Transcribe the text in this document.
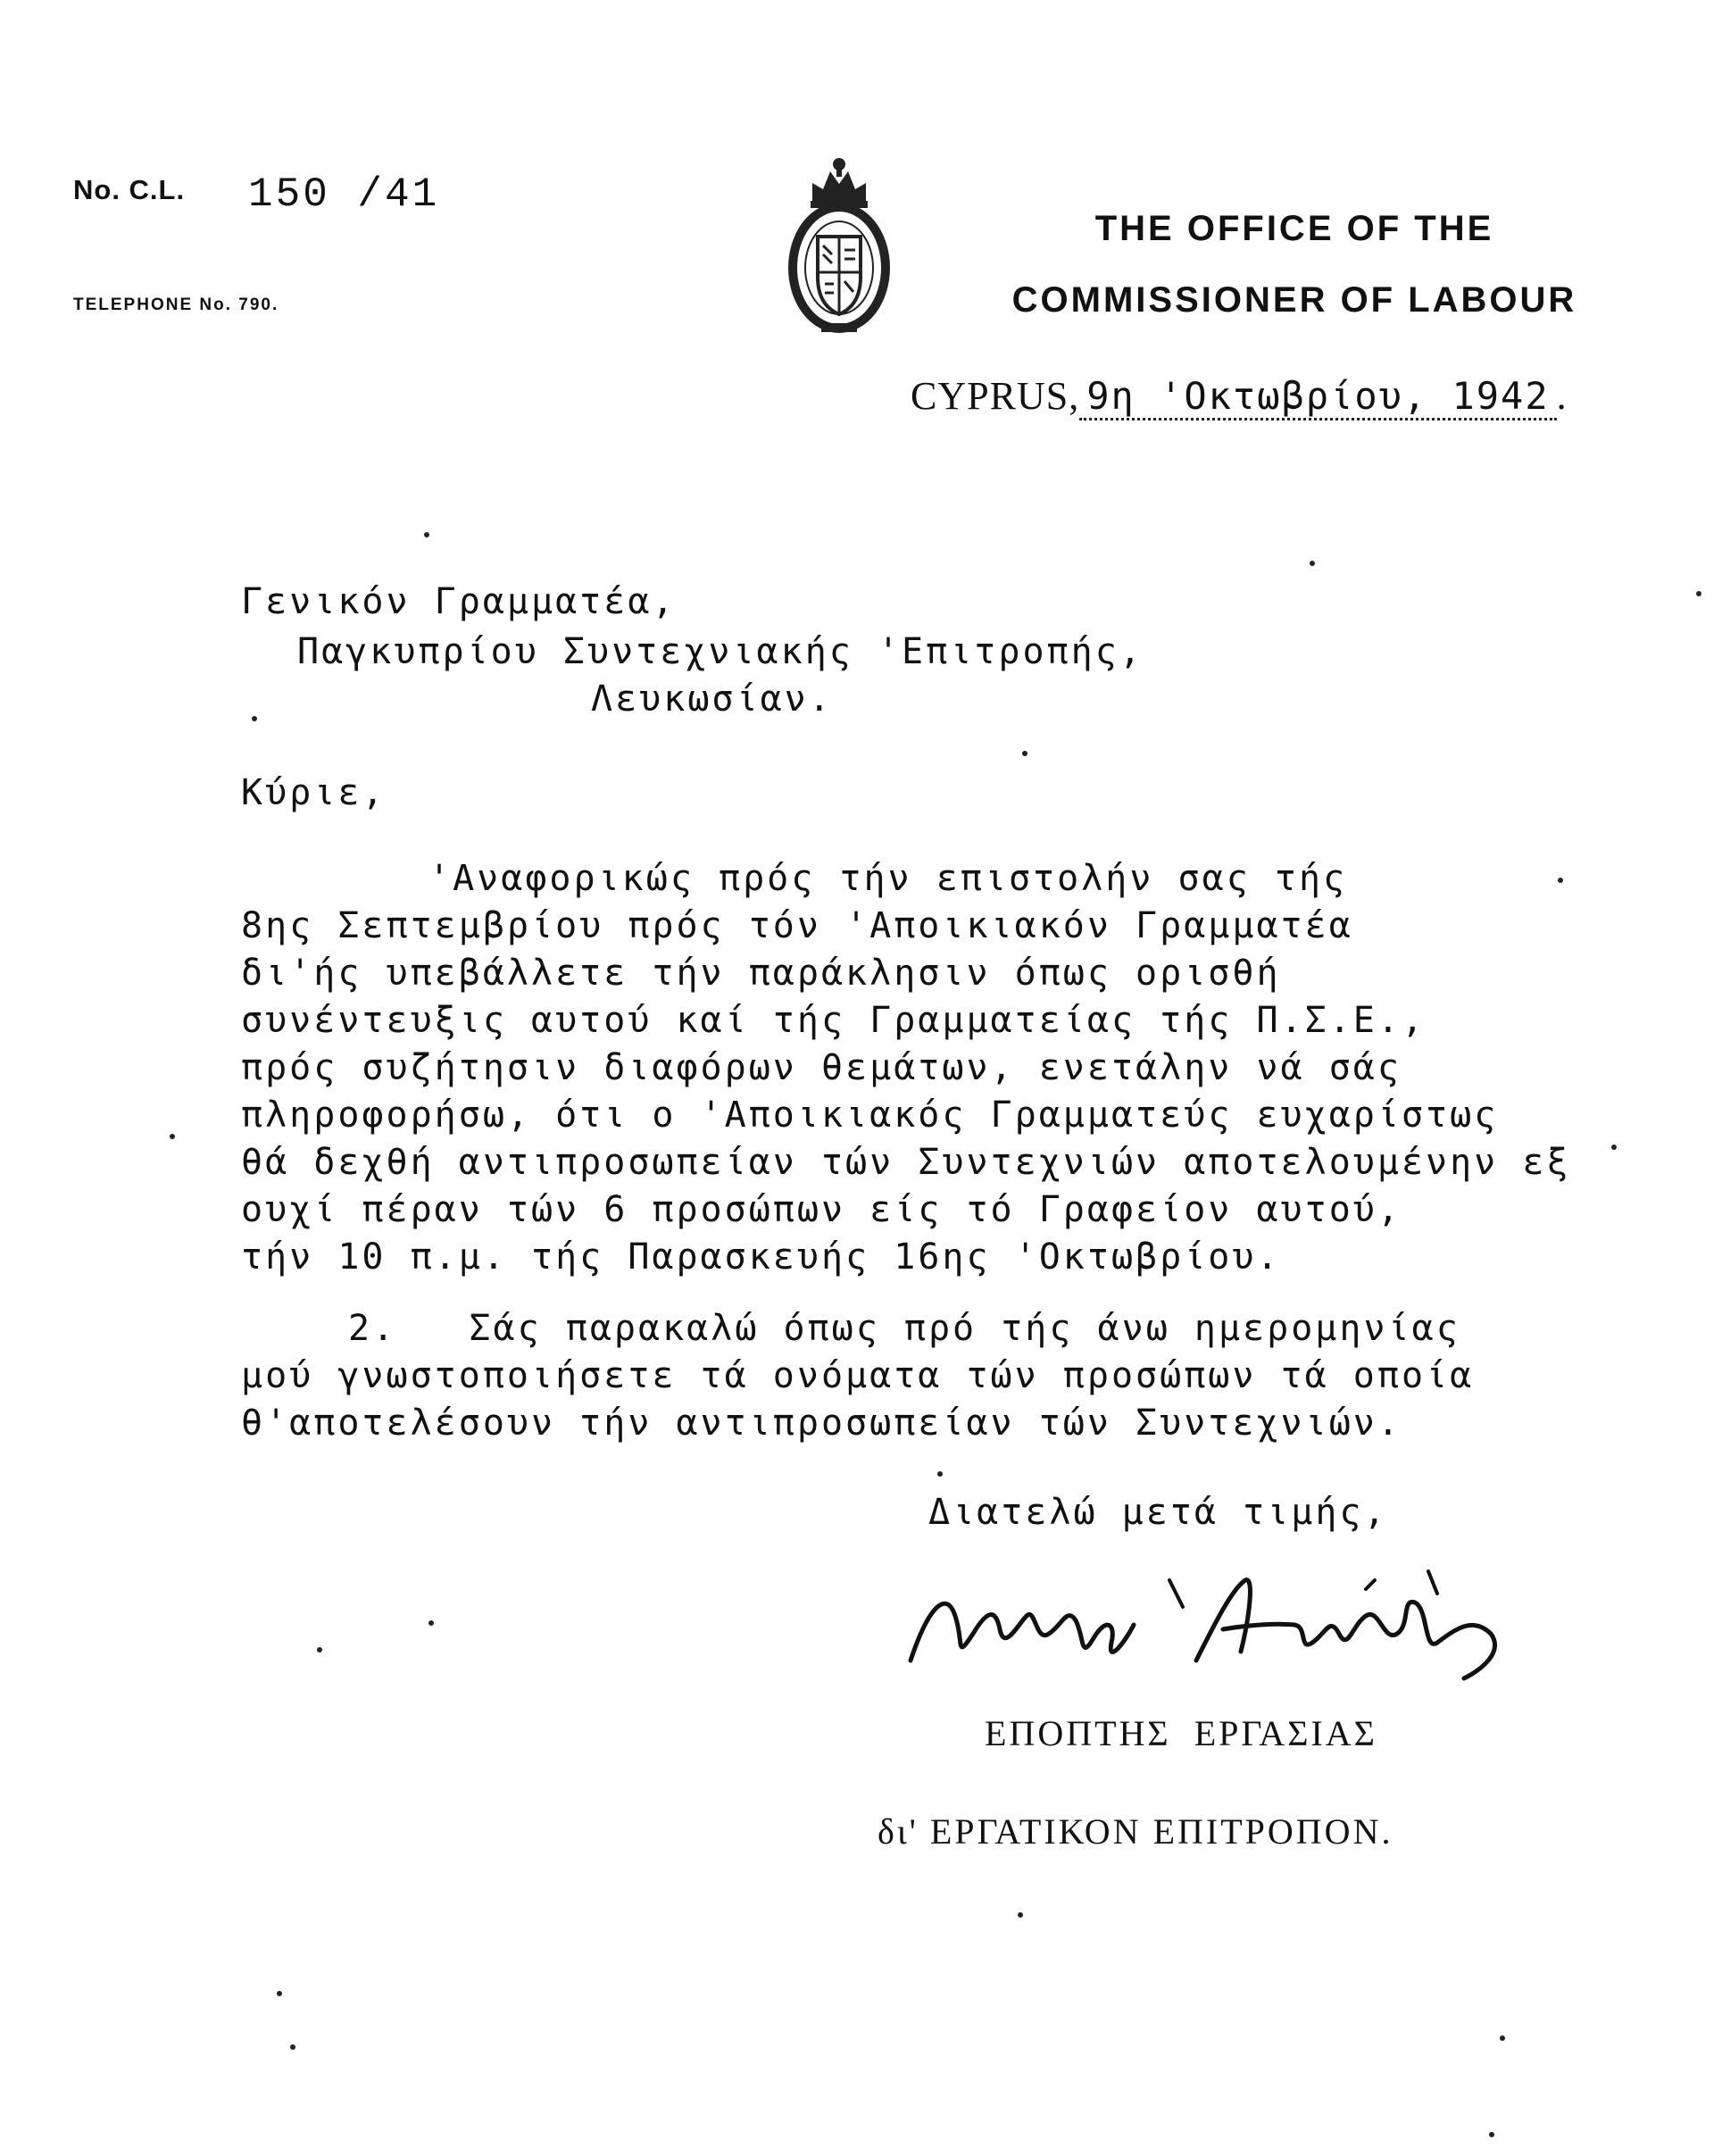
No. C.L. 150 /41
TELEPHONE No. 790.
THE OFFICE OF THE
COMMISSIONER OF LABOUR
CYPRUS, 9η 'Οκτωβρίου, 1942 .
Γενικόν Γραμματέα,
Παγκυπρίου Συντεχνιακής 'Επιτροπής,
Λευκωσίαν.
Κύριε,
'Αναφορικώς πρός τήν επιστολήν σας τής
8ης Σεπτεμβρίου πρός τόν 'Αποικιακόν Γραμματέα
δι'ής υπεβάλλετε τήν παράκλησιν όπως ορισθή
συνέντευξις αυτού καί τής Γραμματείας τής Π.Σ.Ε.,
πρός συζήτησιν διαφόρων θεμάτων, ενετάλην νά σάς
πληροφορήσω, ότι ο 'Αποικιακός Γραμματεύς ευχαρίστως
θά δεχθή αντιπροσωπείαν τών Συντεχνιών αποτελουμένην εξ
ουχί πέραν τών 6 προσώπων είς τό Γραφείον αυτού,
τήν 10 π.μ. τής Παρασκευής 16ης 'Οκτωβρίου.
2.   Σάς παρακαλώ όπως πρό τής άνω ημερομηνίας
μού γνωστοποιήσετε τά ονόματα τών προσώπων τά οποία
θ'αποτελέσουν τήν αντιπροσωπείαν τών Συντεχνιών.
Διατελώ μετά τιμής,
ΕΠΟΠΤΗΣ  ΕΡΓΑΣΙΑΣ
δι' ΕΡΓΑΤΙΚΟΝ ΕΠΙΤΡΟΠΟΝ.
